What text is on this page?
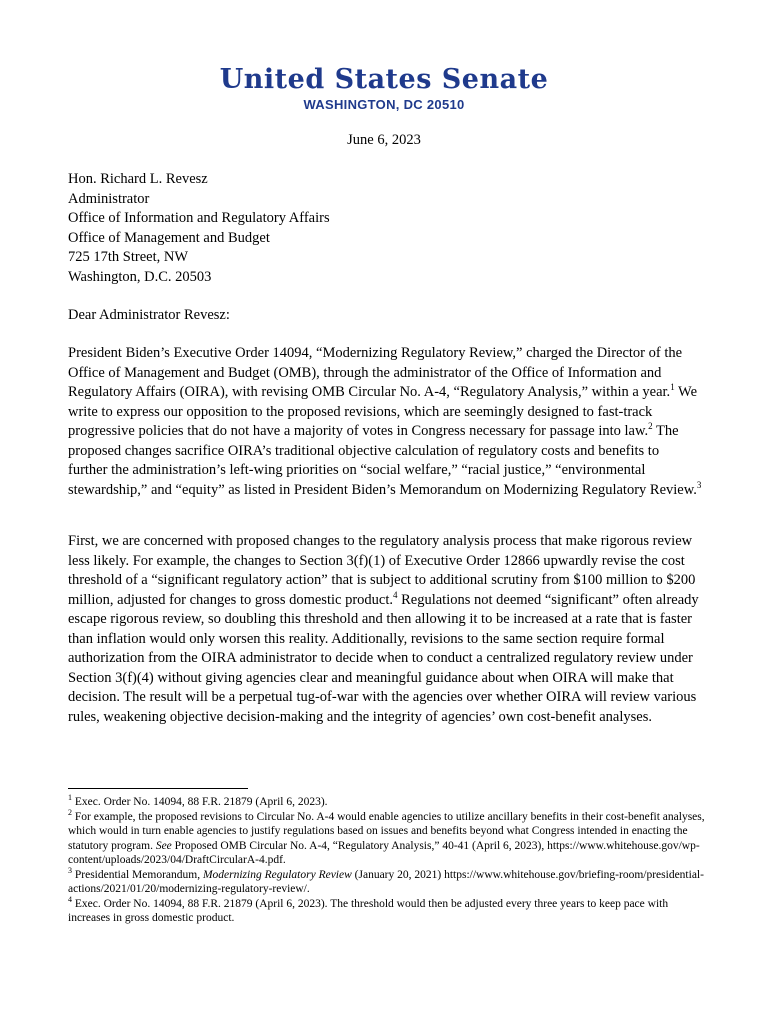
United States Senate
WASHINGTON, DC 20510
June 6, 2023
Hon. Richard L. Revesz
Administrator
Office of Information and Regulatory Affairs
Office of Management and Budget
725 17th Street, NW
Washington, D.C. 20503
Dear Administrator Revesz:
President Biden’s Executive Order 14094, “Modernizing Regulatory Review,” charged the Director of the Office of Management and Budget (OMB), through the administrator of the Office of Information and Regulatory Affairs (OIRA), with revising OMB Circular No. A-4, “Regulatory Analysis,” within a year.$^1$ We write to express our opposition to the proposed revisions, which are seemingly designed to fast-track progressive policies that do not have a majority of votes in Congress necessary for passage into law.$^2$ The proposed changes sacrifice OIRA’s traditional objective calculation of regulatory costs and benefits to further the administration’s left-wing priorities on “social welfare,” “racial justice,” “environmental stewardship,” and “equity” as listed in President Biden’s Memorandum on Modernizing Regulatory Review.$^3$
First, we are concerned with proposed changes to the regulatory analysis process that make rigorous review less likely. For example, the changes to Section 3(f)(1) of Executive Order 12866 upwardly revise the cost threshold of a “significant regulatory action” that is subject to additional scrutiny from $100 million to $200 million, adjusted for changes to gross domestic product.$^4$ Regulations not deemed “significant” often already escape rigorous review, so doubling this threshold and then allowing it to be increased at a rate that is faster than inflation would only worsen this reality. Additionally, revisions to the same section require formal authorization from the OIRA administrator to decide when to conduct a centralized regulatory review under Section 3(f)(4) without giving agencies clear and meaningful guidance about when OIRA will make that decision. The result will be a perpetual tug-of-war with the agencies over whether OIRA will review various rules, weakening objective decision-making and the integrity of agencies’ own cost-benefit analyses.

$^1$ Exec. Order No. 14094, 88 F.R. 21879 (April 6, 2023).

$^2$ For example, the proposed revisions to Circular No. A-4 would enable agencies to utilize ancillary benefits in their cost-benefit analyses, which would in turn enable agencies to justify regulations based on issues and benefits beyond what Congress intended in enacting the statutory program. See Proposed OMB Circular No. A-4, “Regulatory Analysis,” 40-41 (April 6, 2023), https://www.whitehouse.gov/wp-content/uploads/2023/04/DraftCircularA-4.pdf.

$^3$ Presidential Memorandum, Modernizing Regulatory Review (January 20, 2021) https://www.whitehouse.gov/briefing-room/presidential-actions/2021/01/20/modernizing-regulatory-review/.

$^4$ Exec. Order No. 14094, 88 F.R. 21879 (April 6, 2023). The threshold would then be adjusted every three years to keep pace with increases in gross domestic product.
